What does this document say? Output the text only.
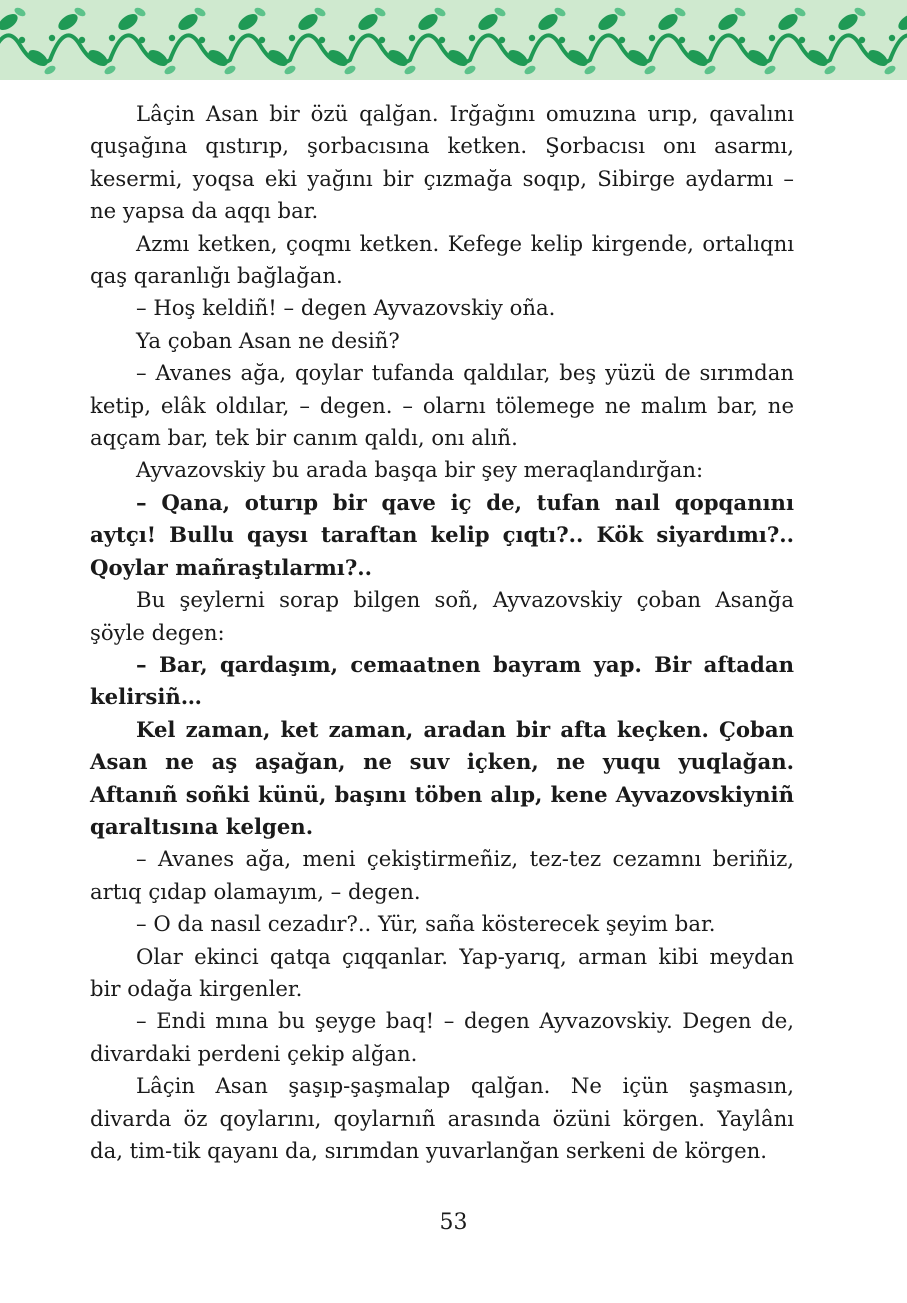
Lâçin Asan bir özü qalğan. Irğağını omuzına urıp, qavalını quşağına qıstırıp, şorbacısına ketken. Şorbacısı onı asarmı, kesermi, yoqsa eki yağını bir çızmağa soqıp, Sibirge aydarmı – ne yapsa da aqqı bar.

Azmı ketken, çoqmı ketken. Kefege kelip kirgende, ortalıqnı qaş qaranlığı bağlağan.

– Hoş keldiñ! – degen Ayvazovskiy oña.

Ya çoban Asan ne desiñ?

– Avanes ağa, qoylar tufanda qaldılar, beş yüzü de sırımdan ketip, elâk oldılar, – degen. – olarnı tölemege ne malım bar, ne aqçam bar, tek bir canım qaldı, onı alıñ.

Ayvazovskiy bu arada başqa bir şey meraqlandırğan:

– Qana, oturıp bir qave iç de, tufan naıl qopqanını aytçı! Bullu qaysı taraftan kelip çıqtı?.. Kök siyardımı?.. Qoylar mañraştılarmı?..

Bu şeylerni sorap bilgen soñ, Ayvazovskiy çoban Asanğa şöyle degen:

– Bar, qardaşım, cemaatnen bayram yap. Bir aftadan kelirsiñ…

Kel zaman, ket zaman, aradan bir afta keçken. Çoban Asan ne aş aşağan, ne suv içken, ne yuqu yuqlağan. Aftanıñ soñki künü, başını töben alıp, kene Ayvazovskiyniñ qaraltısına kelgen.

– Avanes ağa, meni çekiştirmeñiz, tez-tez cezamnı beriñiz, artıq çıdap olamayım, – degen.

– O da nasıl cezadır?.. Yür, saña kösterecek şeyim bar.

Olar ekinci qatqa çıqqanlar. Yap-yarıq, arman kibi meydan bir odağa kirgenler.

– Endi mına bu şeyge baq! – degen Ayvazovskiy. Degen de, divardaki perdeni çekip alğan.

Lâçin Asan şaşıp-şaşmalap qalğan. Ne içün şaşmasın, divarda öz qoylarını, qoylarnıñ arasında özüni körgen. Yaylânı da, tim-tik qayanı da, sırımdan yuvarlanğan serkeni de körgen.

53
